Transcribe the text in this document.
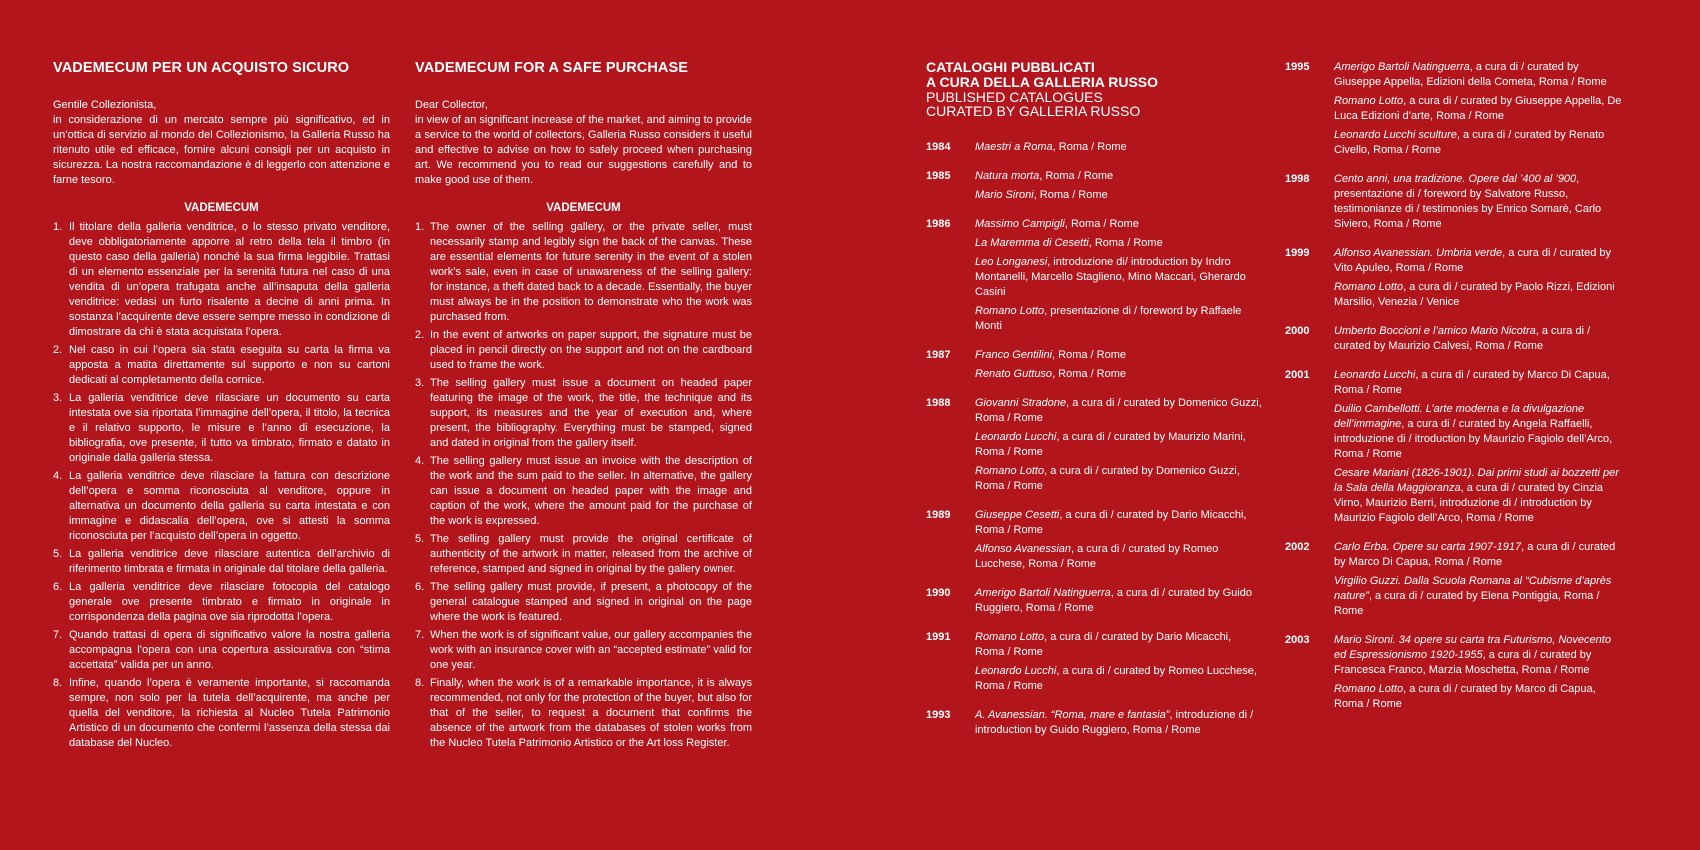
VADEMECUM PER UN ACQUISTO SICURO

Gentile Collezionista,
in considerazione di un mercato sempre più significativo, ed in un’ottica di servizio al mondo del Collezionismo, la Galleria Russo ha ritenuto utile ed efficace, fornire alcuni consigli per un acquisto in sicurezza. La nostra raccomandazione è di leggerlo con attenzione e farne tesoro.

VADEMECUM
1. Il titolare della galleria venditrice, o lo stesso privato venditore, deve obbligatoriamente apporre al retro della tela il timbro (in questo caso della galleria) nonché la sua firma leggibile. Trattasi di un elemento essenziale per la serenità futura nel caso di una vendita di un’opera trafugata anche all’insaputa della galleria venditrice: vedasi un furto risalente a decine di anni prima. In sostanza l’acquirente deve essere sempre messo in condizione di dimostrare da chi è stata acquistata l’opera.
2. Nel caso in cui l’opera sia stata eseguita su carta la firma va apposta a matita direttamente sul supporto e non su cartoni dedicati al completamento della cornice.
3. La galleria venditrice deve rilasciare un documento su carta intestata ove sia riportata l’immagine dell’opera, il titolo, la tecnica e il relativo supporto, le misure e l’anno di esecuzione, la bibliografia, ove presente, il tutto va timbrato, firmato e datato in originale dalla galleria stessa.
4. La galleria venditrice deve rilasciare la fattura con descrizione dell’opera e somma riconosciuta al venditore, oppure in alternativa un documento della galleria su carta intestata e con immagine e didascalia dell’opera, ove si attesti la somma riconosciuta per l’acquisto dell’opera in oggetto.
5. La galleria venditrice deve rilasciare autentica dell’archivio di riferimento timbrata e firmata in originale dal titolare della galleria.
6. La galleria venditrice deve rilasciare fotocopia del catalogo generale ove presente timbrato e firmato in originale in corrispondenza della pagina ove sia riprodotta l’opera.
7. Quando trattasi di opera di significativo valore la nostra galleria accompagna l’opera con una copertura assicurativa con “stima accettata” valida per un anno.
8. Infine, quando l’opera è veramente importante, si raccomanda sempre, non solo per la tutela dell’acquirente, ma anche per quella del venditore, la richiesta al Nucleo Tutela Patrimonio Artistico di un documento che confermi l’assenza della stessa dai database del Nucleo.
VADEMECUM FOR A SAFE PURCHASE

Dear Collector,
in view of an significant increase of the market, and aiming to provide a service to the world of collectors, Galleria Russo considers it useful and effective to advise on how to safely proceed when purchasing art. We recommend you to read our suggestions carefully and to make good use of them.

VADEMECUM
1. The owner of the selling gallery, or the private seller, must necessarily stamp and legibly sign the back of the canvas. These are essential elements for future serenity in the event of a stolen work’s sale, even in case of unawareness of the selling gallery: for instance, a theft dated back to a decade. Essentially, the buyer must always be in the position to demonstrate who the work was purchased from.
2. In the event of artworks on paper support, the signature must be placed in pencil directly on the support and not on the cardboard used to frame the work.
3. The selling gallery must issue a document on headed paper featuring the image of the work, the title, the technique and its support, its measures and the year of execution and, where present, the bibliography. Everything must be stamped, signed and dated in original from the gallery itself.
4. The selling gallery must issue an invoice with the description of the work and the sum paid to the seller. In alternative, the gallery can issue a document on headed paper with the image and caption of the work, where the amount paid for the purchase of the work is expressed.
5. The selling gallery must provide the original certificate of authenticity of the artwork in matter, released from the archive of reference, stamped and signed in original by the gallery owner.
6. The selling gallery must provide, if present, a photocopy of the general catalogue stamped and signed in original on the page where the work is featured.
7. When the work is of significant value, our gallery accompanies the work with an insurance cover with an “accepted estimate” valid for one year.
8. Finally, when the work is of a remarkable importance, it is always recommended, not only for the protection of the buyer, but also for that of the seller, to request a document that confirms the absence of the artwork from the databases of stolen works from the Nucleo Tutela Patrimonio Artistico or the Art loss Register.
CATALOGHI PUBBLICATI
A CURA DELLA GALLERIA RUSSO
PUBLISHED CATALOGUES
CURATED BY GALLERIA RUSSO
1984	Maestri a Roma, Roma / Rome
1985	Natura morta, Roma / Rome
Mario Sironi, Roma / Rome
1986	Massimo Campigli, Roma / Rome
La Maremma di Cesetti, Roma / Rome
Leo Longanesi, introduzione di/ introduction by Indro Montanelli, Marcello Staglieno, Mino Maccari, Gherardo Casini
Romano Lotto, presentazione di / foreword by Raffaele Monti
1987	Franco Gentilini, Roma / Rome
Renato Guttuso, Roma / Rome
1988	Giovanni Stradone, a cura di / curated by Domenico Guzzi, Roma / Rome
Leonardo Lucchi, a cura di / curated by Maurizio Marini, Roma / Rome
Romano Lotto, a cura di / curated by Domenico Guzzi, Roma / Rome
1989	Giuseppe Cesetti, a cura di / curated by Dario Micacchi, Roma / Rome
Alfonso Avanessian, a cura di / curated by Romeo Lucchese, Roma / Rome
1990	Amerigo Bartoli Natinguerra, a cura di / curated by Guido Ruggiero, Roma / Rome
1991	Romano Lotto, a cura di / curated by Dario Micacchi, Roma / Rome
Leonardo Lucchi, a cura di / curated by Romeo Lucchese, Roma / Rome
1993	A. Avanessian. “Roma, mare e fantasia”, introduzione di / introduction by Guido Ruggiero, Roma / Rome
1995	Amerigo Bartoli Natinguerra, a cura di / curated by Giuseppe Appella, Edizioni della Cometa, Roma / Rome
Romano Lotto, a cura di / curated by Giuseppe Appella, De Luca Edizioni d’arte, Roma / Rome
Leonardo Lucchi sculture, a cura di / curated by Renato Civello, Roma / Rome
1998	Cento anni, una tradizione. Opere dal ’400 al ’900, presentazione di / foreword by Salvatore Russo, testimonianze di / testimonies by Enrico Somarè, Carlo Siviero, Roma / Rome
1999	Alfonso Avanessian. Umbria verde, a cura di / curated by Vito Apuleo, Roma / Rome
Romano Lotto, a cura di / curated by Paolo Rizzi, Edizioni Marsilio, Venezia / Venice
2000	Umberto Boccioni e l’amico Mario Nicotra, a cura di / curated by Maurizio Calvesi, Roma / Rome
2001	Leonardo Lucchi, a cura di / curated by Marco Di Capua, Roma / Rome
Duilio Cambellotti. L’arte moderna e la divulgazione dell’immagine, a cura di / curated by Angela Raffaelli, introduzione di / itroduction by Maurizio Fagiolo dell’Arco, Roma / Rome
Cesare Mariani (1826-1901). Dai primi studi ai bozzetti per la Sala della Maggioranza, a cura di / curated by Cinzia Virno, Maurizio Berri, introduzione di / introduction by Maurizio Fagiolo dell’Arco, Roma / Rome
2002	Carlo Erba. Opere su carta 1907-1917, a cura di / curated by Marco Di Capua, Roma / Rome
Virgilio Guzzi. Dalla Scuola Romana al “Cubisme d’après nature”, a cura di / curated by Elena Pontiggia, Roma / Rome
2003	Mario Sironi. 34 opere su carta tra Futurismo, Novecento ed Espressionismo 1920-1955, a cura di / curated by Francesca Franco, Marzia Moschetta, Roma / Rome
Romano Lotto, a cura di / curated by Marco di Capua, Roma / Rome
